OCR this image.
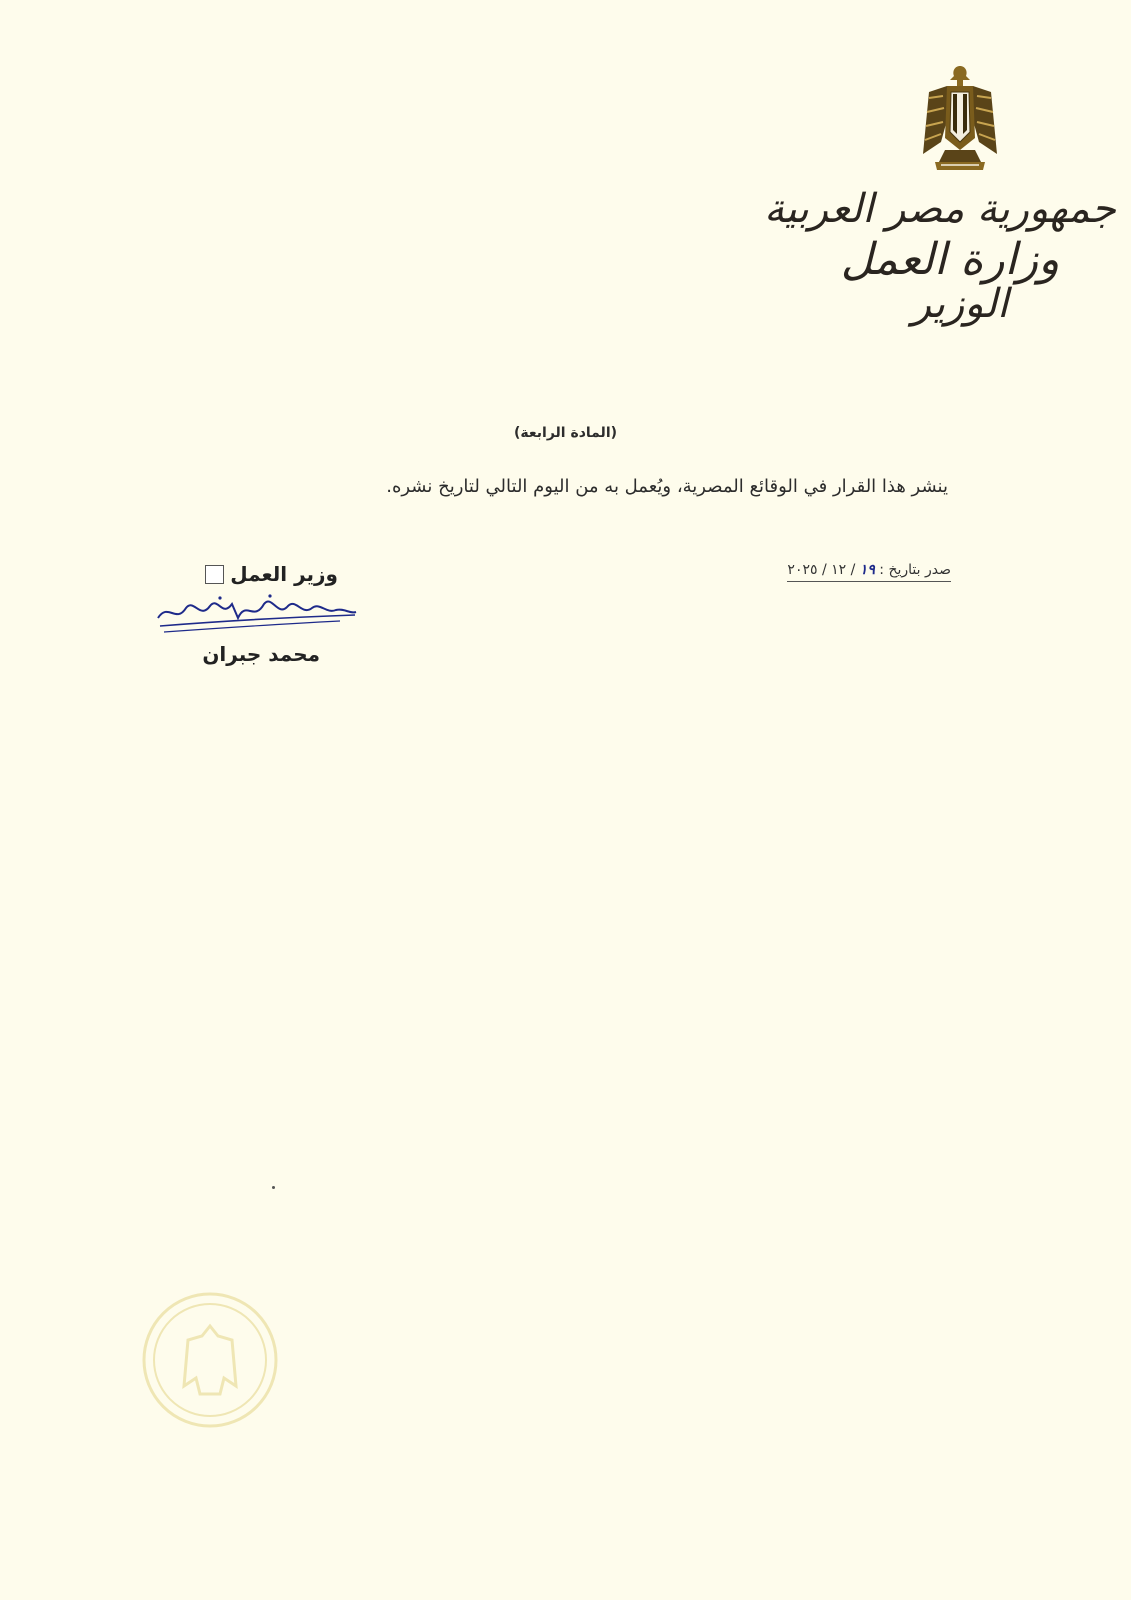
جمهورية مصر العربية
وزارة العمل
الوزير
(المادة الرابعة)
ينشر هذا القرار في الوقائع المصرية، ويُعمل به من اليوم التالي لتاريخ نشره.
صدر بتاريخ : ١٩ / ١٢ / ٢٠٢٥
وزير العمل
محمد جبران
